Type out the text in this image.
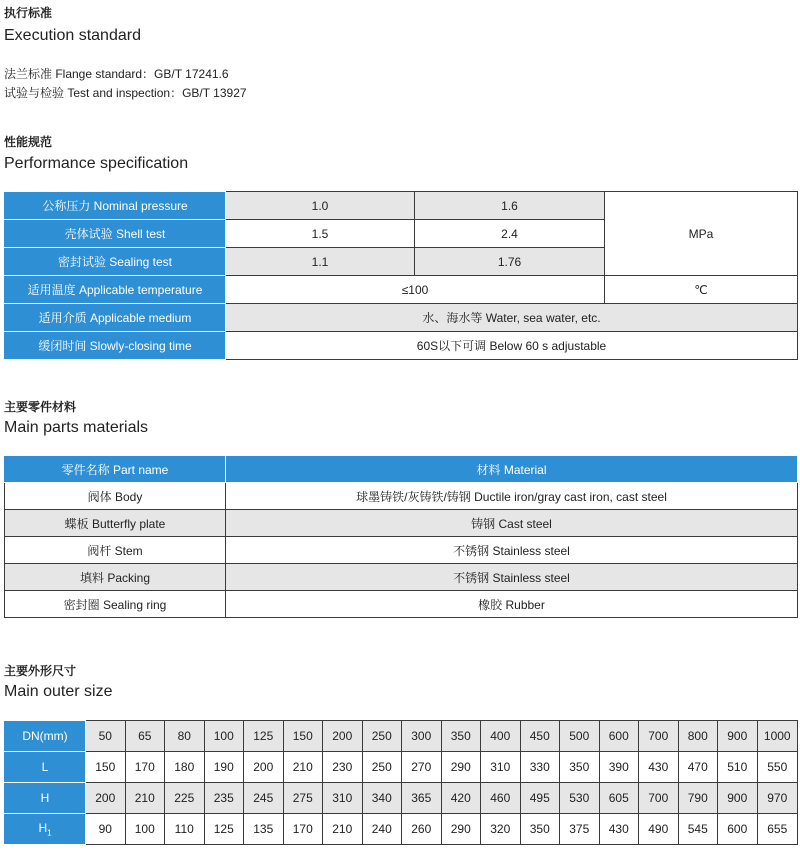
执行标准
Execution standard
法兰标准 Flange standard：GB/T 17241.6
试验与检验 Test and inspection：GB/T 13927
性能规范
Performance specification
公称压力 Nominal pressure	1.0	1.6	MPa
壳体试验 Shell test	1.5	2.4	
密封试验 Sealing test	1.1	1.76	
适用温度 Applicable temperature	≤100		℃
适用介质 Applicable medium	水、海水等 Water, sea water, etc.		
缓闭时间 Slowly-closing time	60S以下可调 Below 60 s adjustable		
主要零件材料
Main parts materials
零件名称 Part name	材料 Material
阀体 Body	球墨铸铁/灰铸铁/铸钢 Ductile iron/gray cast iron, cast steel
蝶板 Butterfly plate	铸钢 Cast steel
阀杆 Stem	不锈钢 Stainless steel
填料 Packing	不锈钢 Stainless steel
密封圈 Sealing ring	橡胶 Rubber
主要外形尺寸
Main outer size
DN(mm)	50	65	80	100	125	150	200	250	300	350	400	450	500	600	700	800	900	1000
L	150	170	180	190	200	210	230	250	270	290	310	330	350	390	430	470	510	550
H	200	210	225	235	245	275	310	340	365	420	460	495	530	605	700	790	900	970
$H_1$	90	100	110	125	135	170	210	240	260	290	320	350	375	430	490	545	600	655
